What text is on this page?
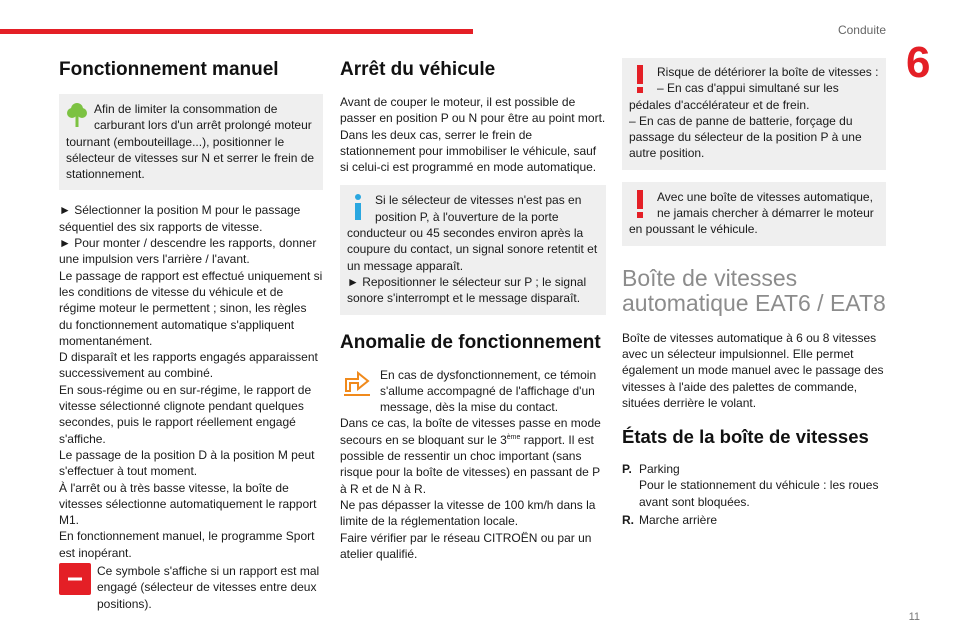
Conduite
6
11
Fonctionnement manuel

Afin de limiter la consommation de carburant lors d'un arrêt prolongé moteur tournant (embouteillage...), positionner le sélecteur de vitesses sur N et serrer le frein de stationnement.

► Sélectionner la position M pour le passage séquentiel des six rapports de vitesse.

► Pour monter / descendre les rapports, donner une impulsion vers l'arrière / l'avant.

Le passage de rapport est effectué uniquement si les conditions de vitesse du véhicule et de régime moteur le permettent ; sinon, les règles du fonctionnement automatique s'appliquent momentanément.

D disparaît et les rapports engagés apparaissent successivement au combiné.

En sous-régime ou en sur-régime, le rapport de vitesse sélectionné clignote pendant quelques secondes, puis le rapport réellement engagé s'affiche.

Le passage de la position D à la position M peut s'effectuer à tout moment.

À l'arrêt ou à très basse vitesse, la boîte de vitesses sélectionne automatiquement le rapport M1.

En fonctionnement manuel, le programme Sport est inopérant.

Ce symbole s'affiche si un rapport est mal engagé (sélecteur de vitesses entre deux positions).

Arrêt du véhicule

Avant de couper le moteur, il est possible de passer en position P ou N pour être au point mort.

Dans les deux cas, serrer le frein de stationnement pour immobiliser le véhicule, sauf si celui-ci est programmé en mode automatique.

Si le sélecteur de vitesses n'est pas en position P, à l'ouverture de la porte conducteur ou 45 secondes environ après la coupure du contact, un signal sonore retentit et un message apparaît.

► Repositionner le sélecteur sur P ; le signal sonore s'interrompt et le message disparaît.

Anomalie de fonctionnement

En cas de dysfonctionnement, ce témoin s'allume accompagné de l'affichage d'un message, dès la mise du contact.

Dans ce cas, la boîte de vitesses passe en mode secours en se bloquant sur le 3ème rapport. Il est possible de ressentir un choc important (sans risque pour la boîte de vitesses) en passant de P à R et de N à R.

Ne pas dépasser la vitesse de 100 km/h dans la limite de la réglementation locale.

Faire vérifier par le réseau CITROËN ou par un atelier qualifié.

Risque de détériorer la boîte de vitesses :

– En cas d'appui simultané sur les pédales d'accélérateur et de frein.

– En cas de panne de batterie, forçage du passage du sélecteur de la position P à une autre position.

Avec une boîte de vitesses automatique, ne jamais chercher à démarrer le moteur en poussant le véhicule.

Boîte de vitesses automatique EAT6 / EAT8

Boîte de vitesses automatique à 6 ou 8 vitesses avec un sélecteur impulsionnel. Elle permet également un mode manuel avec le passage des vitesses à l'aide des palettes de commande, situées derrière le volant.

États de la boîte de vitesses
P. Parking
Pour le stationnement du véhicule : les roues avant sont bloquées.
R. Marche arrière
